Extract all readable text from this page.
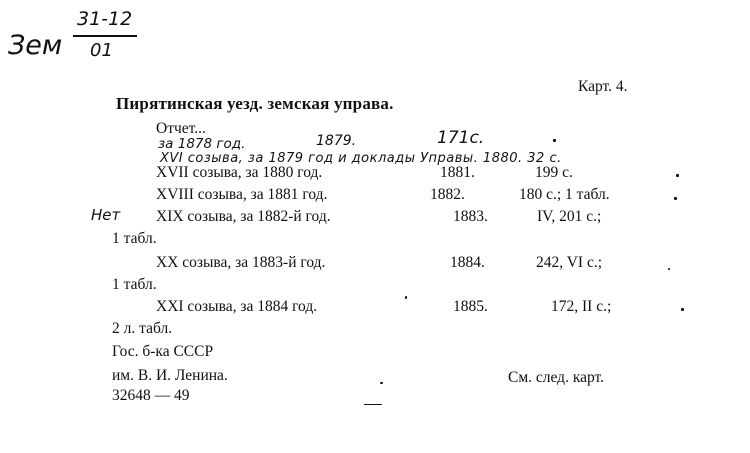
Зем
31-12
01
Карт. 4.
Пирятинская уезд. земская управа.
Отчет...
за 1878 год.	1879.	171с.
XVI созыва, за 1879 год и доклады Управы. 1880. 32 с.
XVII созыва, за 1880 год.	1881.	199 с.
XVIII созыва, за 1881 год.	1882.	180 с.; 1 табл.
Нет XIX созыва, за 1882-й год.	1883.	IV, 201 с.;
1 табл.
XX созыва, за 1883-й год.	1884.	242, VI с.;
1 табл.
XXI созыва, за 1884 год.	1885.	172, II с.;
2 л. табл.
Гос. б-ка СССР
им. В. И. Ленина.
32648 — 49
См. след. карт.
